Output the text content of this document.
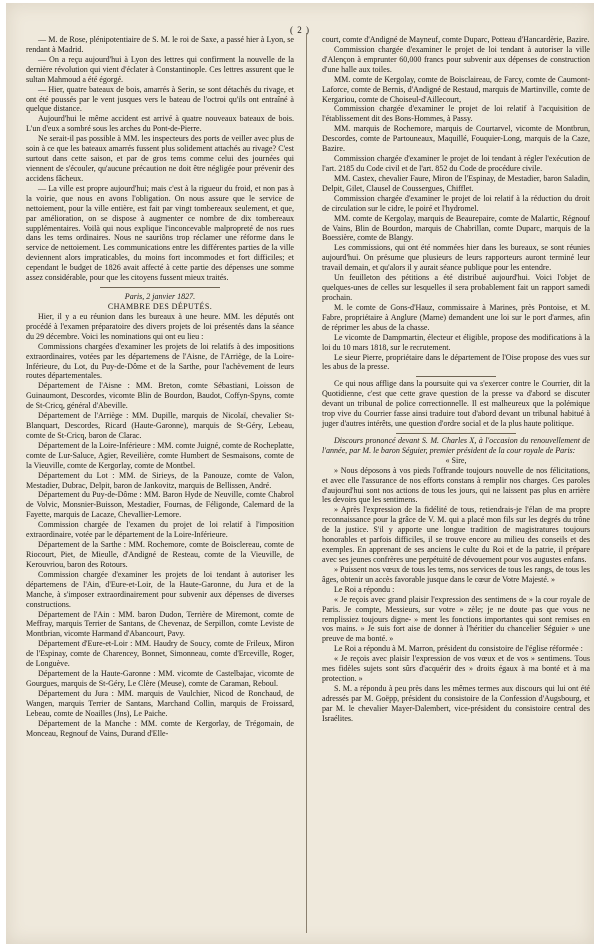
( 2 )

— M. de Rose, plénipotentiaire de S. M. le roi de Saxe, a passé hier à Lyon, se rendant à Madrid.

— On a reçu aujourd'hui à Lyon des lettres qui confirment la nouvelle de la dernière révolution qui vient d'éclater à Constantinople. Ces lettres assurent que le sultan Mahmoud a été égorgé.

— Hier, quatre bateaux de bois, amarrés à Serin, se sont détachés du rivage, et ont été poussés par le vent jusques vers le bateau de l'octroi qu'ils ont entraîné à quelque distance.

Aujourd'hui le même accident est arrivé à quatre nouveaux bateaux de bois. L'un d'eux a sombré sous les arches du Pont-de-Pierre.

Ne serait-il pas possible à MM. les inspecteurs des ports de veiller avec plus de soin à ce que les bateaux amarrés fussent plus solidement attachés au rivage? C'est surtout dans cette saison, et par de gros tems comme celui des journées qui viennent de s'écouler, qu'aucune précaution ne doit être négligée pour prévenir des accidens fâcheux.

— La ville est propre aujourd'hui; mais c'est à la rigueur du froid, et non pas à la voirie, que nous en avons l'obligation. On nous assure que le service de nettoiement, pour la ville entière, est fait par vingt tombereaux seulement, et que, par amélioration, on se dispose à augmenter ce nombre de dix tombereaux supplémentaires. Voilà qui nous explique l'inconcevable malpropreté de nos rues dans les tems ordinaires. Nous ne sauriôns trop réclamer une réforme dans le service de nettoiement. Les communications entre les différentes parties de la ville deviennent alors impraticables, du moins fort incommodes et fort difficiles; et cependant le budget de 1826 avait affecté à cette partie des dépenses une somme assez considérable, pour que les citoyens fussent mieux traités.

Paris, 2 janvier 1827.

CHAMBRE DES DÉPUTÉS.

Hier, il y a eu réunion dans les bureaux à une heure. MM. les députés ont procédé à l'examen préparatoire des divers projets de loi présentés dans la séance du 29 décembre. Voici les nominations qui ont eu lieu :

Commissions chargées d'examiner les projets de loi relatifs à des impositions extraordinaires, votées par les départemens de l'Aisne, de l'Arriège, de la Loire-Inférieure, du Lot, du Puy-de-Dôme et de la Sarthe, pour l'achèvement de leurs routes départementales.

Département de l'Aisne : MM. Breton, comte Sébastiani, Loisson de Guinaumont, Descordes, vicomte Blin de Bourdon, Baudot, Coffyn-Spyns, comte de St-Cricq, général d'Abeville.

Département de l'Arriège : MM. Dupille, marquis de Nicolaï, chevalier St-Blanquart, Descordes, Ricard (Haute-Garonne), marquis de St-Géry, Lebeau, comte de St-Cricq, baron de Clarac.

Département de la Loire-Inférieure : MM. comte Juigné, comte de Rocheplatte, comte de Lur-Saluce, Agier, Reveilière, comte Humbert de Sesmaisons, comte de la Vieuville, comte de Kergorlay, comte de Montbel.

Département du Lot : MM. de Sirieys, de la Panouze, comte de Valon, Mestadier, Dubrac, Delpit, baron de Jankovitz, marquis de Bellissen, André.

Département du Puy-de-Dôme : MM. Baron Hyde de Neuville, comte Chabrol de Volvic, Monsnier-Buisson, Mestadier, Fournas, de Féligonde, Calemard de la Fayette, marquis de Lacaze, Chevallier-Lemore.

Commission chargée de l'examen du projet de loi relatif à l'imposition extraordinaire, votée par le département de la Loire-Inférieure.

Département de la Sarthe : MM. Rochemore, comte de Boisclereau, comte de Riocourt, Piet, de Mieulle, d'Andigné de Resteau, comte de la Vieuville, de Kerouvriou, baron des Rotours.

Commission chargée d'examiner les projets de loi tendant à autoriser les départemens de l'Ain, d'Eure-et-Loir, de la Haute-Garonne, du Jura et de la Manche, à s'imposer extraordinairement pour subvenir aux dépenses de diverses constructions.

Département de l'Ain : MM. baron Dudon, Terrière de Miremont, comte de Meffray, marquis Terrier de Santans, de Chevenaz, de Serpillon, comte Leviste de Montbrian, vicomte Harmand d'Abancourt, Pavy.

Département d'Eure-et-Loir : MM. Haudry de Soucy, comte de Frileux, Miron de l'Espinay, comte de Charencey, Bonnet, Simonneau, comte d'Erceville, Roger, de Longuève.

Département de la Haute-Garonne : MM. vicomte de Castelbajac, vicomte de Gourgues, marquis de St-Géry, Le Clère (Meuse), comte de Caraman, Reboul.

Département du Jura : MM. marquis de Vaulchier, Nicod de Ronchaud, de Wangen, marquis Terrier de Santans, Marchand Collin, marquis de Froissard, Lebeau, comte de Noailles (Jns), Le Paiche.

Département de la Manche : MM. comte de Kergorlay, de Trégomain, de Monceau, Regnouf de Vains, Durand d'Elle-

court, comte d'Andigné de Mayneuf, comte Duparc, Potteau d'Hancardèrie, Bazire.

Commission chargée d'examiner le projet de loi tendant à autoriser la ville d'Alençon à emprunter 60,000 francs pour subvenir aux dépenses de construction d'une halle aux toiles.

MM. comte de Kergolay, comte de Boisclaireau, de Farcy, comte de Caumont-Laforce, comte de Bernis, d'Andigné de Restaud, marquis de Martinville, comte de Kergariou, comte de Choiseul-d'Aillecourt,

Commission chargée d'examiner le projet de loi relatif à l'acquisition de l'établissement dit des Bons-Hommes, à Passy.

MM. marquis de Rochemore, marquis de Courtarvel, vicomte de Montbrun, Descordes, comte de Partouneaux, Maquillé, Fouquier-Long, marquis de la Caze, Bazire.

Commission chargée d'examiner le projet de loi tendant à régler l'exécution de l'art. 2185 du Code civil et de l'art. 852 du Code de procédure civile.

MM. Castex, chevalier Faure, Miron de l'Espinay, de Mestadier, baron Saladin, Delpit, Gilet, Clausel de Coussergues, Chifflet.

Commission chargée d'examiner le projet de loi relatif à la réduction du droit de circulation sur le cidre, le poiré et l'hydromel.

MM. comte de Kergolay, marquis de Beaurepaire, comte de Malartic, Régnouf de Vains, Blin de Bourdon, marquis de Chabrillan, comte Duparc, marquis de la Boessière, comte de Blangy.

Les commissions, qui ont été nommées hier dans les bureaux, se sont réunies aujourd'hui. On présume que plusieurs de leurs rapporteurs auront terminé leur travail demain, et qu'alors il y aurait séance publique pour les entendre.

Un feuilleton des pétitions a été distribué aujourd'hui. Voici l'objet de quelques-unes de celles sur lesquelles il sera probablement fait un rapport samedi prochain.

M. le comte de Gons-d'Hauz, commissaire à Marines, près Pontoise, et M. Fabre, propriétaire à Anglure (Marne) demandent une loi sur le port d'armes, afin de réprimer les abus de la chasse.

Le vicomte de Dampmartin, électeur et éligible, propose des modifications à la loi du 10 mars 1818, sur le recrutement.

Le sieur Pierre, propriétaire dans le département de l'Oise propose des vues sur les abus de la presse.

Ce qui nous afflige dans la poursuite qui va s'exercer contre le Courrier, dit la Quotidienne, c'est que cette grave question de la presse va d'abord se discuter devant un tribunal de police correctionnelle. Il est malheureux que la polémique trop vive du Courrier fasse ainsi traduire tout d'abord devant un tribunal habitué à juger d'autres intérêts, une question d'ordre social et de la plus haute politique.

Discours prononcé devant S. M. Charles X, à l'occasion du renouvellement de l'année, par M. le baron Séguier, premier président de la cour royale de Paris:

« Sire,

» Nous déposons à vos pieds l'offrande toujours nouvelle de nos félicitations, et avec elle l'assurance de nos efforts constans à remplir nos charges. Ces paroles d'aujourd'hui sont nos actions de tous les jours, qui ne laissent pas plus en arrière les devoirs que les sentimens.

» Après l'expression de la fidélité de tous, retiendrais-je l'élan de ma propre reconnaissance pour la grâce de V. M. qui a placé mon fils sur les degrés du trône de la justice. S'il y apporte une longue tradition de magistratures toujours honorables et parfois difficiles, il se trouve encore au milieu des conseils et des exemples. En apprenant de ses anciens le culte du Roi et de la patrie, il prépare avec ses jeunes confrères une perpétuité de dévouement pour vos augustes enfans.

» Puissent nos vœux de tous les tems, nos services de tous les rangs, de tous les âges, obtenir un accès favorable jusque dans le cœur de Votre Majesté. »

Le Roi a répondu :

« Je reçois avec grand plaisir l'expression des sentimens de » la cour royale de Paris. Je compte, Messieurs, sur votre » zèle; je ne doute pas que vous ne remplissiez toujours digne- » ment les fonctions importantes qui sont remises en vos mains. » Je suis fort aise de donner à l'héritier du chancelier Séguier » une preuve de ma bonté. »

Le Roi a répondu à M. Marron, président du consistoire de l'église réformée :

« Je reçois avec plaisir l'expression de vos vœux et de vos » sentimens. Tous mes fidèles sujets sont sûrs d'acquérir des » droits égaux à ma bonté et à ma protection. »

S. M. a répondu à peu près dans les mêmes termes aux discours qui lui ont été adressés par M. Goëpp, président du consistoire de la Confession d'Augsbourg, et par M. le chevalier Mayer-Dalembert, vice-président du consistoire central des Israélites.
